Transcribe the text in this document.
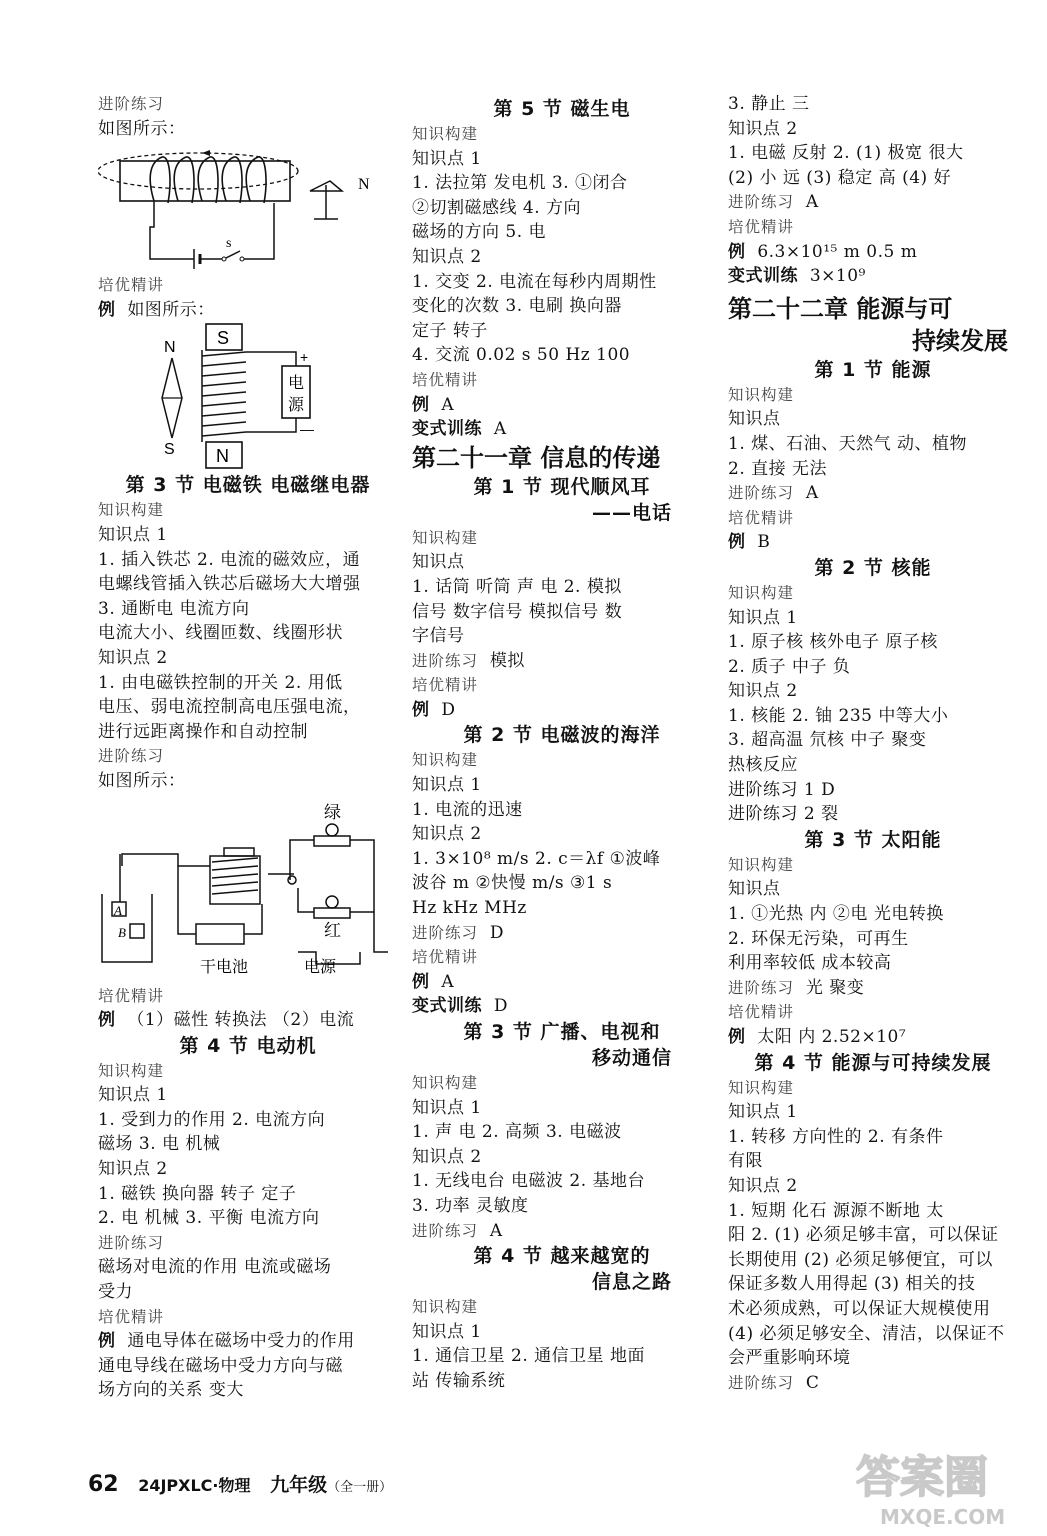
进阶练习
如图所示：
N
s
培优精讲
例 如图所示：
S
N
电
源
+
—
N
S
第 3 节 电磁铁 电磁继电器
知识构建
知识点 1
1. 插入铁芯 2. 电流的磁效应，通
电螺线管插入铁芯后磁场大大增强
3. 通断电 电流方向
电流大小、线圈匝数、线圈形状
知识点 2
1. 由电磁铁控制的开关 2. 用低
电压、弱电流控制高电压强电流，
进行远距离操作和自动控制
进阶练习
如图所示：
绿
红
A
B
干电池	电源
培优精讲
例 （1）磁性 转换法 （2）电流
第 4 节 电动机
知识构建
知识点 1
1. 受到力的作用 2. 电流方向
磁场 3. 电 机械
知识点 2
1. 磁铁 换向器 转子 定子
2. 电 机械 3. 平衡 电流方向
进阶练习
磁场对电流的作用 电流或磁场
受力
培优精讲
例 通电导体在磁场中受力的作用
通电导线在磁场中受力方向与磁
场方向的关系 变大
第 5 节 磁生电
知识构建
知识点 1
1. 法拉第 发电机 3. ①闭合
②切割磁感线 4. 方向
磁场的方向 5. 电
知识点 2
1. 交变 2. 电流在每秒内周期性
变化的次数 3. 电刷 换向器
定子 转子
4. 交流 0.02 s 50 Hz 100
培优精讲
例 A
变式训练 A
第二十一章 信息的传递
第 1 节 现代顺风耳
——电话
知识构建
知识点
1. 话筒 听筒 声 电 2. 模拟
信号 数字信号 模拟信号 数
字信号
进阶练习 模拟
培优精讲
例 D
第 2 节 电磁波的海洋
知识构建
知识点 1
1. 电流的迅速
知识点 2
1. 3×10⁸ m/s 2. c＝λf ①波峰
波谷 m ②快慢 m/s ③1 s
Hz kHz MHz
进阶练习 D
培优精讲
例 A
变式训练 D
第 3 节 广播、电视和
移动通信
知识构建
知识点 1
1. 声 电 2. 高频 3. 电磁波
知识点 2
1. 无线电台 电磁波 2. 基地台
3. 功率 灵敏度
进阶练习 A
第 4 节 越来越宽的
信息之路
知识构建
知识点 1
1. 通信卫星 2. 通信卫星 地面
站 传输系统
3. 静止 三
知识点 2
1. 电磁 反射 2. (1) 极宽 很大
(2) 小 远 (3) 稳定 高 (4) 好
进阶练习 A
培优精讲
例 6.3×10¹⁵ m 0.5 m
变式训练 3×10⁹
第二十二章 能源与可
持续发展
第 1 节 能源
知识构建
知识点
1. 煤、石油、天然气 动、植物
2. 直接 无法
进阶练习 A
培优精讲
例 B
第 2 节 核能
知识构建
知识点 1
1. 原子核 核外电子 原子核
2. 质子 中子 负
知识点 2
1. 核能 2. 铀 235 中等大小
3. 超高温 氘核 中子 聚变
热核反应
进阶练习 1 D
进阶练习 2 裂
第 3 节 太阳能
知识构建
知识点
1. ①光热 内 ②电 光电转换
2. 环保无污染，可再生
利用率较低 成本较高
进阶练习 光 聚变
培优精讲
例 太阳 内 2.52×10⁷
第 4 节 能源与可持续发展
知识构建
知识点 1
1. 转移 方向性的 2. 有条件
有限
知识点 2
1. 短期 化石 源源不断地 太
阳 2. (1) 必须足够丰富，可以保证
长期使用 (2) 必须足够便宜，可以
保证多数人用得起 (3) 相关的技
术必须成熟，可以保证大规模使用
(4) 必须足够安全、清洁，以保证不
会严重影响环境
进阶练习 C
62 24JPXLC·物理 九年级（全一册）	答案圈
MXQE.COM
